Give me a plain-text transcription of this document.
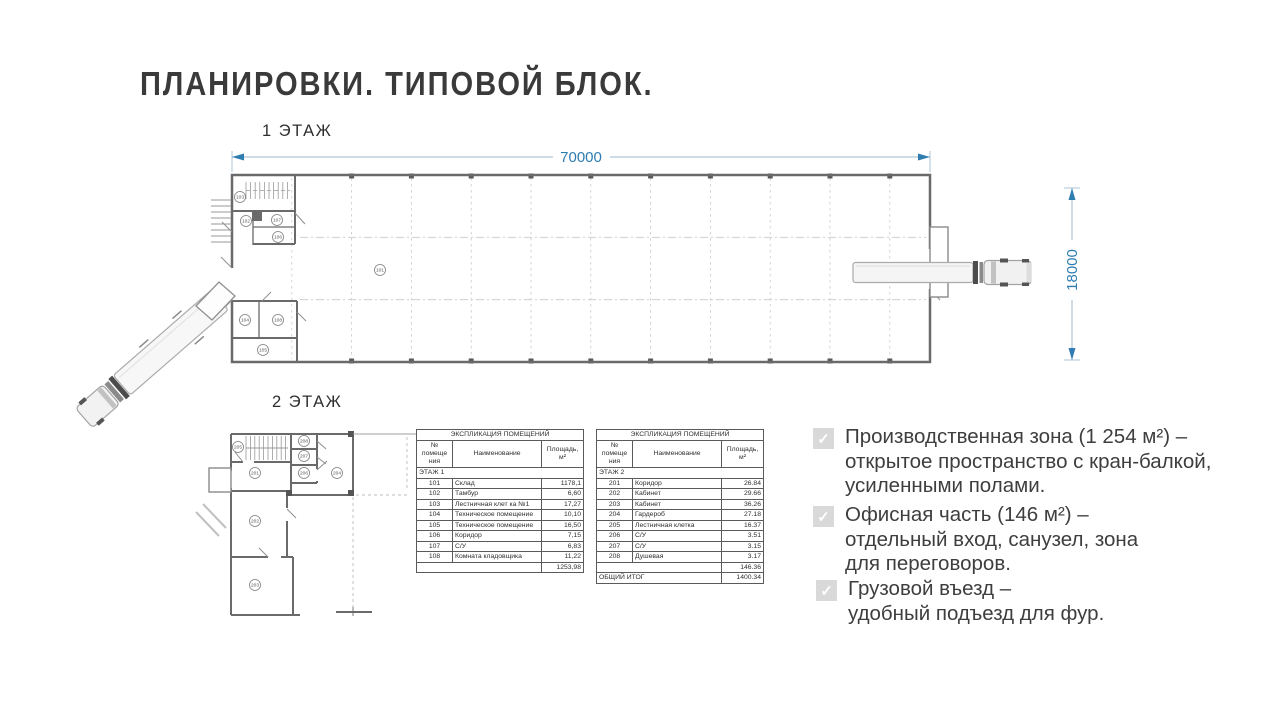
ПЛАНИРОВКИ. ТИПОВОЙ БЛОК.
1 ЭТАЖ
2 ЭТАЖ
70000
18000
101
102
103
104
105
106
107
108
201
202
203
204
205
206
207
208
ЭКСПЛИКАЦИЯ ПОМЕЩЕНИЙ		
№ помеще ния	Наименование	Площадь, м²
ЭТАЖ 1		
101	Склад	1178,1
102	Тамбур	6,60
103	Лестничная клет ка №1	17,27
104	Техническое помещение	10,10
105	Техническое помещение	16,50
106	Коридор	7,15
107	С/У	6,83
108	Комната кладовщика	11,22
		1253,98
ЭКСПЛИКАЦИЯ ПОМЕЩЕНИЙ		
№ помеще ния	Наименование	Площадь, м²
ЭТАЖ 2		
201	Коридор	26.84
202	Кабинет	29.66
203	Кабинет	36.26
204	Гардероб	27.18
205	Лестничная клетка	16.37
206	С/У	3.51
207	С/У	3.15
208	Душевая	3.17
		146.36
ОБЩИЙ ИТОГ		1400.34
✓ Производственная зона (1 254 м²) –
открытое пространство с кран-балкой,
усиленными полами.
✓ Офисная часть (146 м²) –
отдельный вход, санузел, зона
для переговоров.
✓ Грузовой въезд –
удобный подъезд для фур.
